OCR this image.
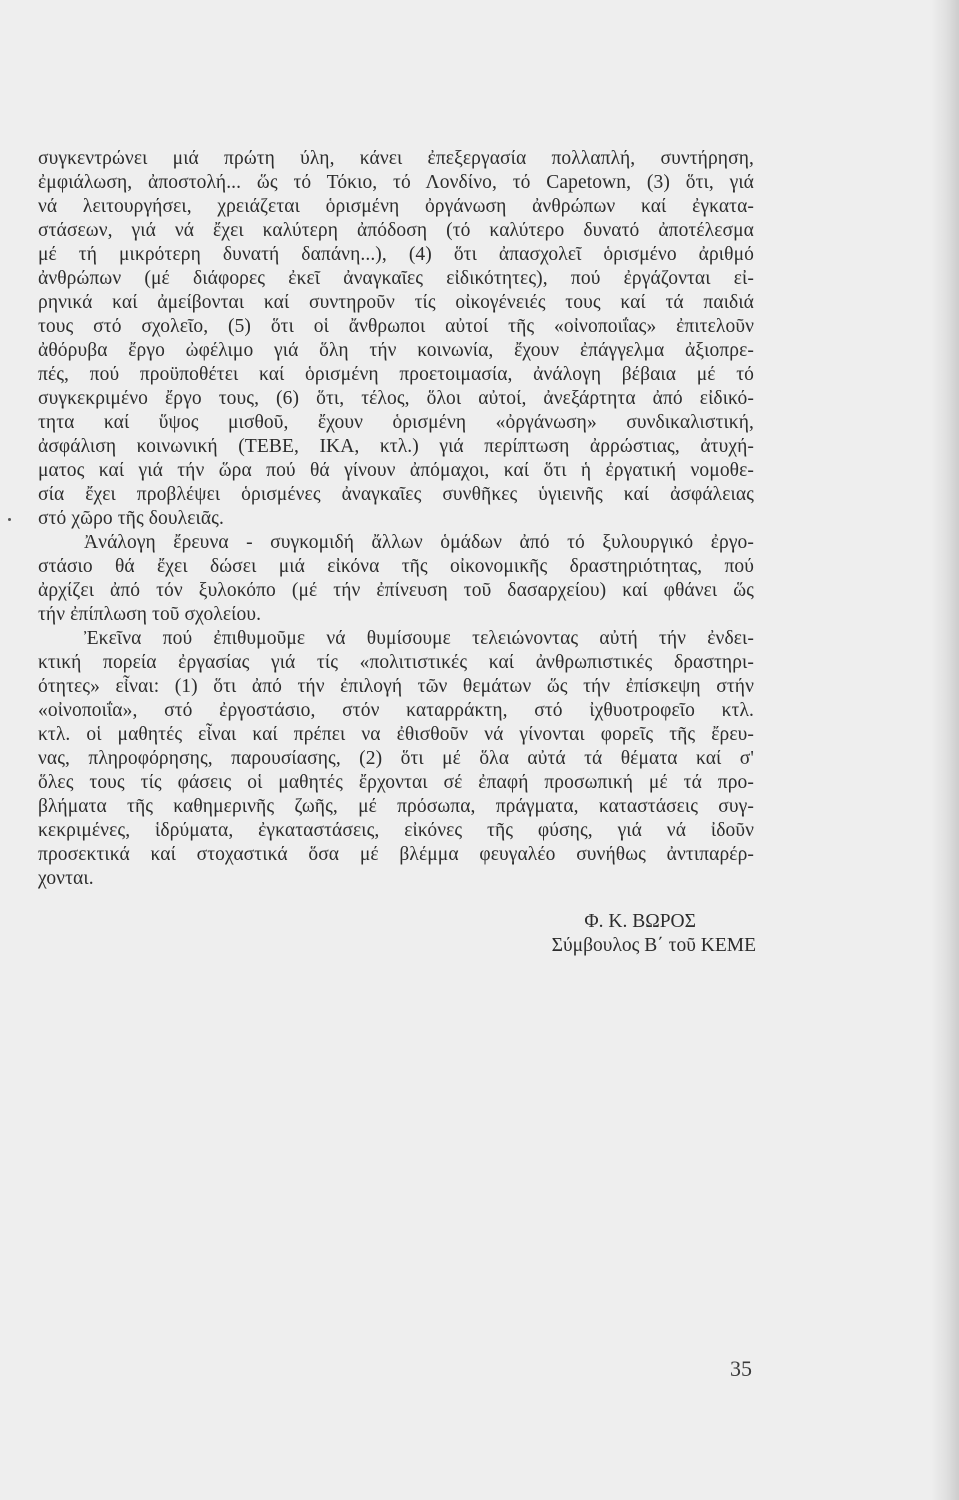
συγκεντρώνει μιά πρώτη ύλη, κάνει ἐπεξεργασία πολλαπλή, συντήρηση,
ἐμφιάλωση, ἀποστολή... ὥς τό Τόκιο, τό Λονδίνο, τό Capetown, (3) ὅτι, γιά
νά λειτουργήσει, χρειάζεται ὁρισμένη ὀργάνωση ἀνθρώπων καί ἐγκατα-
στάσεων, γιά νά ἔχει καλύτερη ἀπόδοση (τό καλύτερο δυνατό ἀποτέλεσμα
μέ τή μικρότερη δυνατή δαπάνη...), (4) ὅτι ἀπασχολεῖ ὁρισμένο ἀριθμό
ἀνθρώπων (μέ διάφορες ἐκεῖ ἀναγκαῖες εἰδικότητες), πού ἐργάζονται εἰ-
ρηνικά καί ἀμείβονται καί συντηροῦν τίς οἰκογένειές τους καί τά παιδιά
τους στό σχολεῖο, (5) ὅτι οἱ ἄνθρωποι αὐτοί τῆς «οἰνοποιΐας» ἐπιτελοῦν
ἀθόρυβα ἔργο ὠφέλιμο γιά ὅλη τήν κοινωνία, ἔχουν ἐπάγγελμα ἀξιοπρε-
πές, πού προϋποθέτει καί ὁρισμένη προετοιμασία, ἀνάλογη βέβαια μέ τό
συγκεκριμένο ἔργο τους, (6) ὅτι, τέλος, ὅλοι αὐτοί, ἀνεξάρτητα ἀπό εἰδικό-
τητα καί ὕψος μισθοῦ, ἔχουν ὁρισμένη «ὀργάνωση» συνδικαλιστική,
ἀσφάλιση κοινωνική (ΤΕΒΕ, ΙΚΑ, κτλ.) γιά περίπτωση ἀρρώστιας, ἀτυχή-
ματος καί γιά τήν ὥρα πού θά γίνουν ἀπόμαχοι, καί ὅτι ἡ ἐργατική νομοθε-
σία ἔχει προβλέψει ὁρισμένες ἀναγκαῖες συνθῆκες ὑγιεινῆς καί ἀσφάλειας
στό χῶρο τῆς δουλειᾶς.
Ἀνάλογη ἔρευνα - συγκομιδή ἄλλων ὁμάδων ἀπό τό ξυλουργικό ἐργο-
στάσιο θά ἔχει δώσει μιά εἰκόνα τῆς οἰκονομικῆς δραστηριότητας, πού
ἀρχίζει ἀπό τόν ξυλοκόπο (μέ τήν ἐπίνευση τοῦ δασαρχείου) καί φθάνει ὥς
τήν ἐπίπλωση τοῦ σχολείου.
Ἐκεῖνα πού ἐπιθυμοῦμε νά θυμίσουμε τελειώνοντας αὐτή τήν ἐνδει-
κτική πορεία ἐργασίας γιά τίς «πολιτιστικές καί ἀνθρωπιστικές δραστηρι-
ότητες» εἶναι: (1) ὅτι ἀπό τήν ἐπιλογή τῶν θεμάτων ὥς τήν ἐπίσκεψη στήν
«οἰνοποιΐα», στό ἐργοστάσιο, στόν καταρράκτη, στό ἰχθυοτροφεῖο κτλ.
κτλ. οἱ μαθητές εἶναι καί πρέπει να ἐθισθοῦν νά γίνονται φορεῖς τῆς ἔρευ-
νας, πληροφόρησης, παρουσίασης, (2) ὅτι μέ ὅλα αὐτά τά θέματα καί σ'
ὅλες τους τίς φάσεις οἱ μαθητές ἔρχονται σέ ἐπαφή προσωπική μέ τά προ-
βλήματα τῆς καθημερινῆς ζωῆς, μέ πρόσωπα, πράγματα, καταστάσεις συγ-
κεκριμένες, ἱδρύματα, ἐγκαταστάσεις, εἰκόνες τῆς φύσης, γιά νά ἰδοῦν
προσεκτικά καί στοχαστικά ὅσα μέ βλέμμα φευγαλέο συνήθως ἀντιπαρέρ-
χονται.
Φ. Κ. ΒΩΡΟΣ
Σύμβουλος Β΄ τοῦ ΚΕΜΕ
35
